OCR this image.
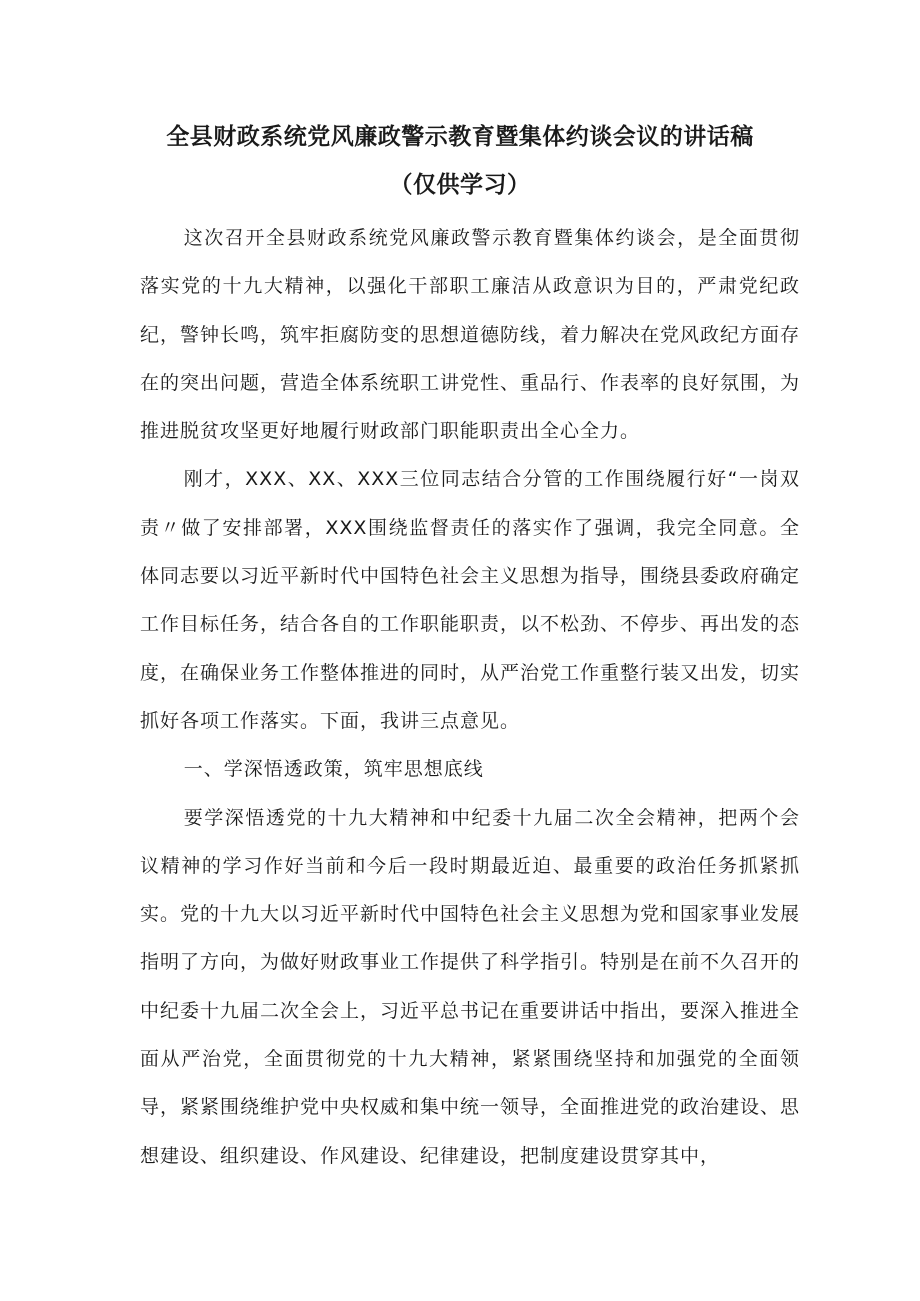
全县财政系统党风廉政警示教育暨集体约谈会议的讲话稿
（仅供学习）

这次召开全县财政系统党风廉政警示教育暨集体约谈会，是全面贯彻落实党的十九大精神，以强化干部职工廉洁从政意识为目的，严肃党纪政纪，警钟长鸣，筑牢拒腐防变的思想道德防线，着力解决在党风政纪方面存在的突出问题，营造全体系统职工讲党性、重品行、作表率的良好氛围，为推进脱贫攻坚更好地履行财政部门职能职责出全心全力。

刚才，XXX、XX、XXX三位同志结合分管的工作围绕履行好“一岗双责〃做了安排部署，XXX围绕监督责任的落实作了强调，我完全同意。全体同志要以习近平新时代中国特色社会主义思想为指导，围绕县委政府确定工作目标任务，结合各自的工作职能职责，以不松劲、不停步、再出发的态度，在确保业务工作整体推进的同时，从严治党工作重整行装又出发，切实抓好各项工作落实。下面，我讲三点意见。

一、学深悟透政策，筑牢思想底线

要学深悟透党的十九大精神和中纪委十九届二次全会精神，把两个会议精神的学习作好当前和今后一段时期最近迫、最重要的政治任务抓紧抓实。党的十九大以习近平新时代中国特色社会主义思想为党和国家事业发展指明了方向，为做好财政事业工作提供了科学指引。特别是在前不久召开的中纪委十九届二次全会上，习近平总书记在重要讲话中指出，要深入推进全面从严治党，全面贯彻党的十九大精神，紧紧围绕坚持和加强党的全面领导，紧紧围绕维护党中央权威和集中统一领导，全面推进党的政治建设、思想建设、组织建设、作风建设、纪律建设，把制度建设贯穿其中，
